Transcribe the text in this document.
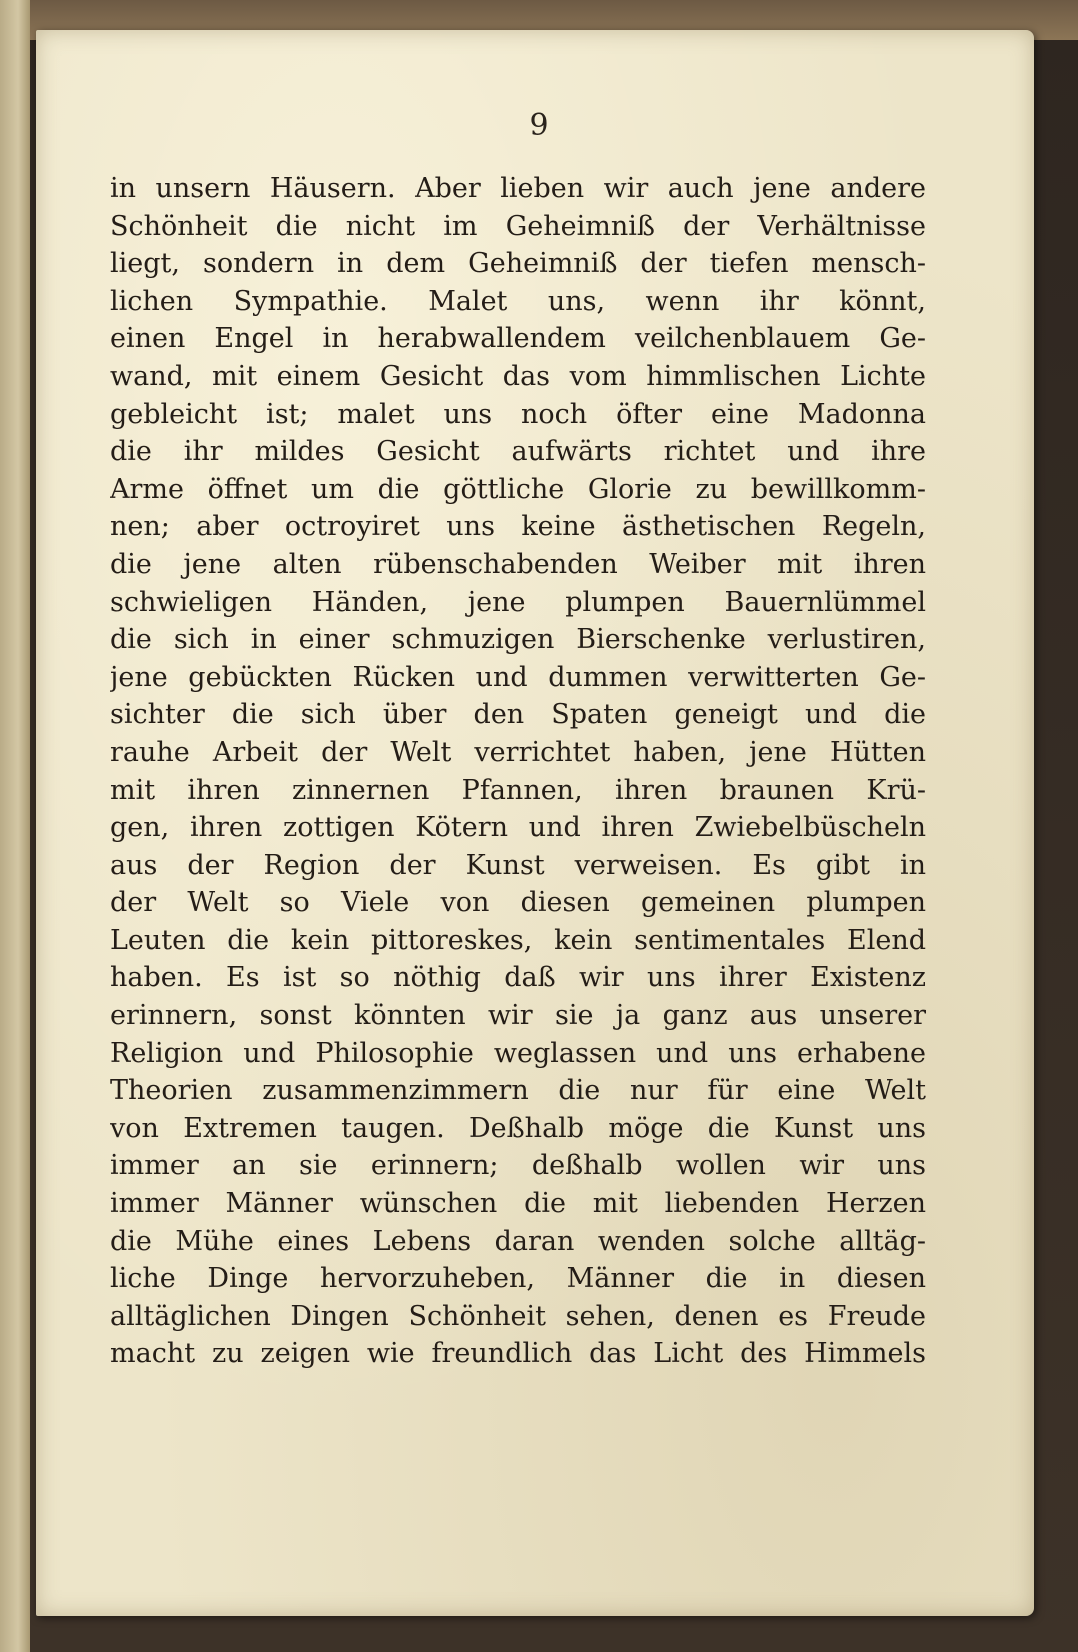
9
in unsern Häusern. Aber lieben wir auch jene andere
Schönheit die nicht im Geheimniß der Verhältnisse
liegt, sondern in dem Geheimniß der tiefen mensch-
lichen Sympathie. Malet uns, wenn ihr könnt,
einen Engel in herabwallendem veilchenblauem Ge-
wand, mit einem Gesicht das vom himmlischen Lichte
gebleicht ist; malet uns noch öfter eine Madonna
die ihr mildes Gesicht aufwärts richtet und ihre
Arme öffnet um die göttliche Glorie zu bewillkomm-
nen; aber octroyiret uns keine ästhetischen Regeln,
die jene alten rübenschabenden Weiber mit ihren
schwieligen Händen, jene plumpen Bauernlümmel
die sich in einer schmuzigen Bierschenke verlustiren,
jene gebückten Rücken und dummen verwitterten Ge-
sichter die sich über den Spaten geneigt und die
rauhe Arbeit der Welt verrichtet haben, jene Hütten
mit ihren zinnernen Pfannen, ihren braunen Krü-
gen, ihren zottigen Kötern und ihren Zwiebelbüscheln
aus der Region der Kunst verweisen. Es gibt in
der Welt so Viele von diesen gemeinen plumpen
Leuten die kein pittoreskes, kein sentimentales Elend
haben. Es ist so nöthig daß wir uns ihrer Existenz
erinnern, sonst könnten wir sie ja ganz aus unserer
Religion und Philosophie weglassen und uns erhabene
Theorien zusammenzimmern die nur für eine Welt
von Extremen taugen. Deßhalb möge die Kunst uns
immer an sie erinnern; deßhalb wollen wir uns
immer Männer wünschen die mit liebenden Herzen
die Mühe eines Lebens daran wenden solche alltäg-
liche Dinge hervorzuheben, Männer die in diesen
alltäglichen Dingen Schönheit sehen, denen es Freude
macht zu zeigen wie freundlich das Licht des Himmels
